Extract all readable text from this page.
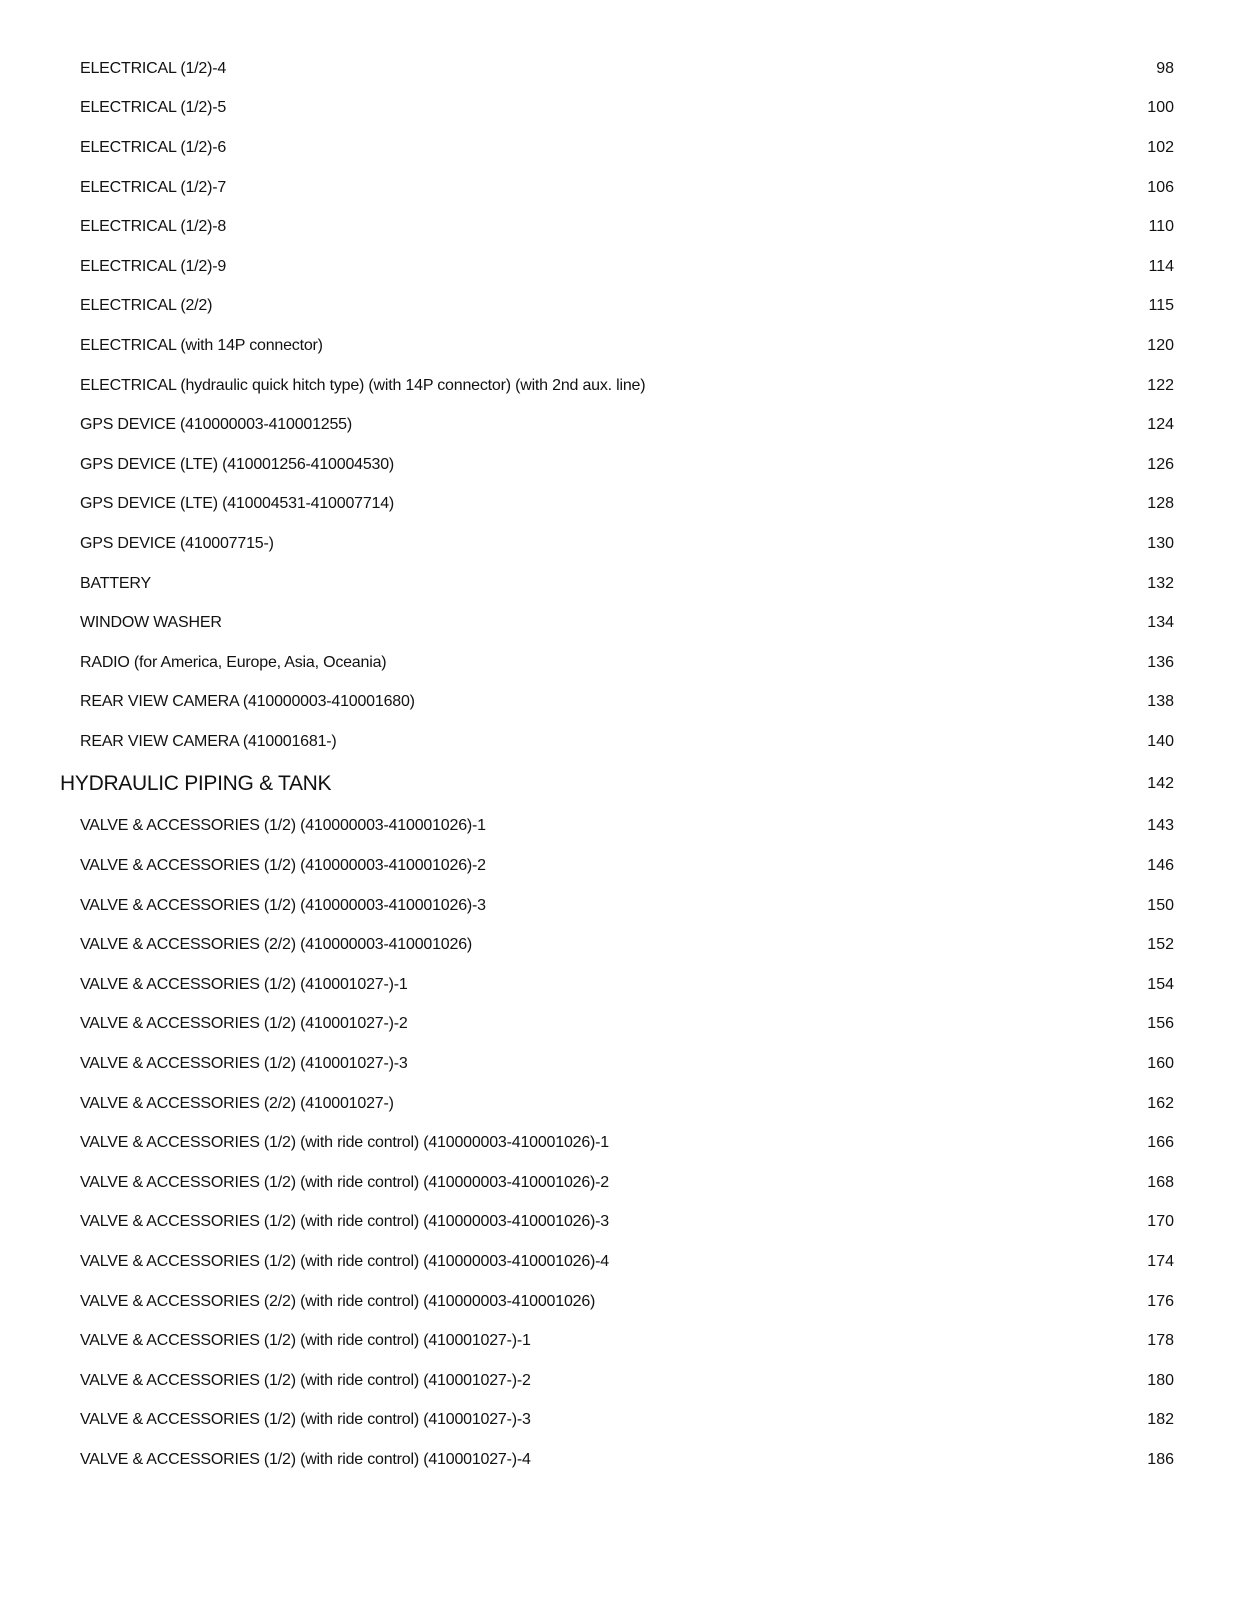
ELECTRICAL (1/2)-4	98
ELECTRICAL (1/2)-5	100
ELECTRICAL (1/2)-6	102
ELECTRICAL (1/2)-7	106
ELECTRICAL (1/2)-8	110
ELECTRICAL (1/2)-9	114
ELECTRICAL (2/2)	115
ELECTRICAL (with 14P connector)	120
ELECTRICAL (hydraulic quick hitch type) (with 14P connector) (with 2nd aux. line)	122
GPS DEVICE (410000003-410001255)	124
GPS DEVICE (LTE) (410001256-410004530)	126
GPS DEVICE (LTE) (410004531-410007714)	128
GPS DEVICE (410007715-)	130
BATTERY	132
WINDOW WASHER	134
RADIO (for America, Europe, Asia, Oceania)	136
REAR VIEW CAMERA (410000003-410001680)	138
REAR VIEW CAMERA (410001681-)	140
HYDRAULIC PIPING & TANK	142
VALVE & ACCESSORIES (1/2) (410000003-410001026)-1	143
VALVE & ACCESSORIES (1/2) (410000003-410001026)-2	146
VALVE & ACCESSORIES (1/2) (410000003-410001026)-3	150
VALVE & ACCESSORIES (2/2) (410000003-410001026)	152
VALVE & ACCESSORIES (1/2) (410001027-)-1	154
VALVE & ACCESSORIES (1/2) (410001027-)-2	156
VALVE & ACCESSORIES (1/2) (410001027-)-3	160
VALVE & ACCESSORIES (2/2) (410001027-)	162
VALVE & ACCESSORIES (1/2) (with ride control) (410000003-410001026)-1	166
VALVE & ACCESSORIES (1/2) (with ride control) (410000003-410001026)-2	168
VALVE & ACCESSORIES (1/2) (with ride control) (410000003-410001026)-3	170
VALVE & ACCESSORIES (1/2) (with ride control) (410000003-410001026)-4	174
VALVE & ACCESSORIES (2/2) (with ride control) (410000003-410001026)	176
VALVE & ACCESSORIES (1/2) (with ride control) (410001027-)-1	178
VALVE & ACCESSORIES (1/2) (with ride control) (410001027-)-2	180
VALVE & ACCESSORIES (1/2) (with ride control) (410001027-)-3	182
VALVE & ACCESSORIES (1/2) (with ride control) (410001027-)-4	186
